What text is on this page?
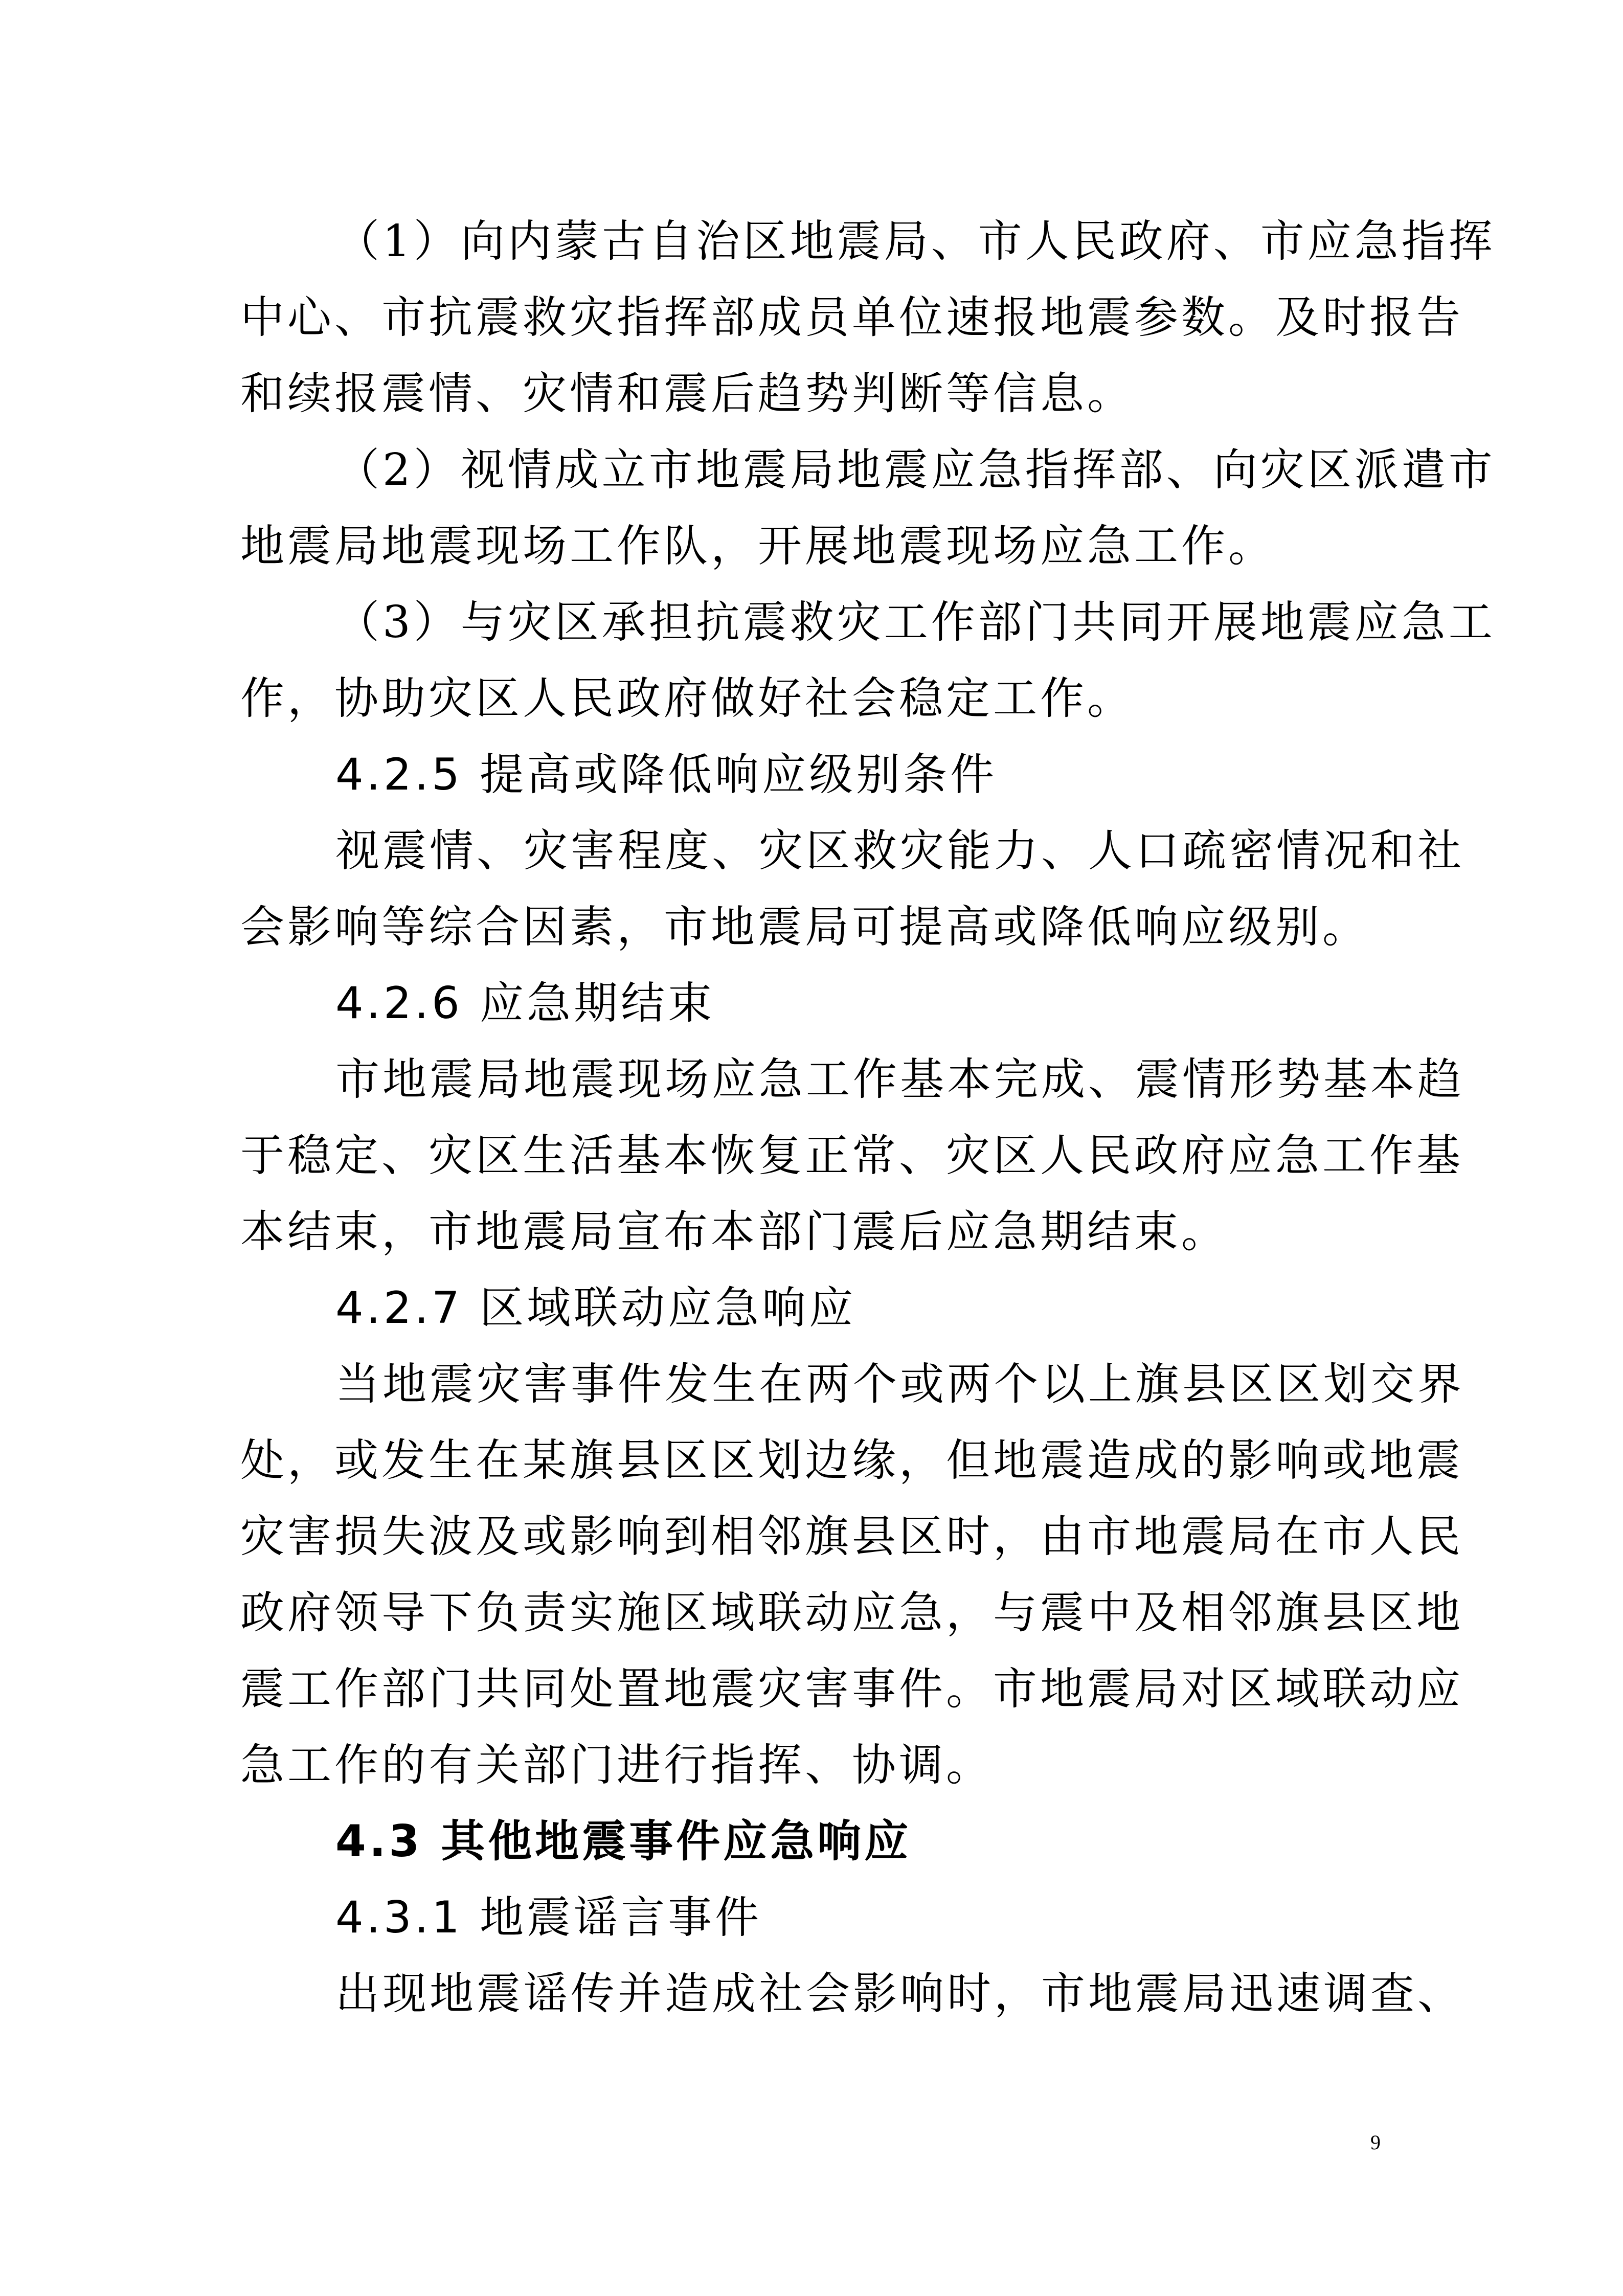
（1）向内蒙古自治区地震局、市人民政府、市应急指挥
中心、市抗震救灾指挥部成员单位速报地震参数。及时报告
和续报震情、灾情和震后趋势判断等信息。
（2）视情成立市地震局地震应急指挥部、向灾区派遣市
地震局地震现场工作队，开展地震现场应急工作。
（3）与灾区承担抗震救灾工作部门共同开展地震应急工
作，协助灾区人民政府做好社会稳定工作。
4.2.5 提高或降低响应级别条件
视震情、灾害程度、灾区救灾能力、人口疏密情况和社
会影响等综合因素，市地震局可提高或降低响应级别。
4.2.6 应急期结束
市地震局地震现场应急工作基本完成、震情形势基本趋
于稳定、灾区生活基本恢复正常、灾区人民政府应急工作基
本结束，市地震局宣布本部门震后应急期结束。
4.2.7 区域联动应急响应
当地震灾害事件发生在两个或两个以上旗县区区划交界
处，或发生在某旗县区区划边缘，但地震造成的影响或地震
灾害损失波及或影响到相邻旗县区时，由市地震局在市人民
政府领导下负责实施区域联动应急，与震中及相邻旗县区地
震工作部门共同处置地震灾害事件。市地震局对区域联动应
急工作的有关部门进行指挥、协调。
4.3 其他地震事件应急响应
4.3.1 地震谣言事件
出现地震谣传并造成社会影响时，市地震局迅速调查、
9
